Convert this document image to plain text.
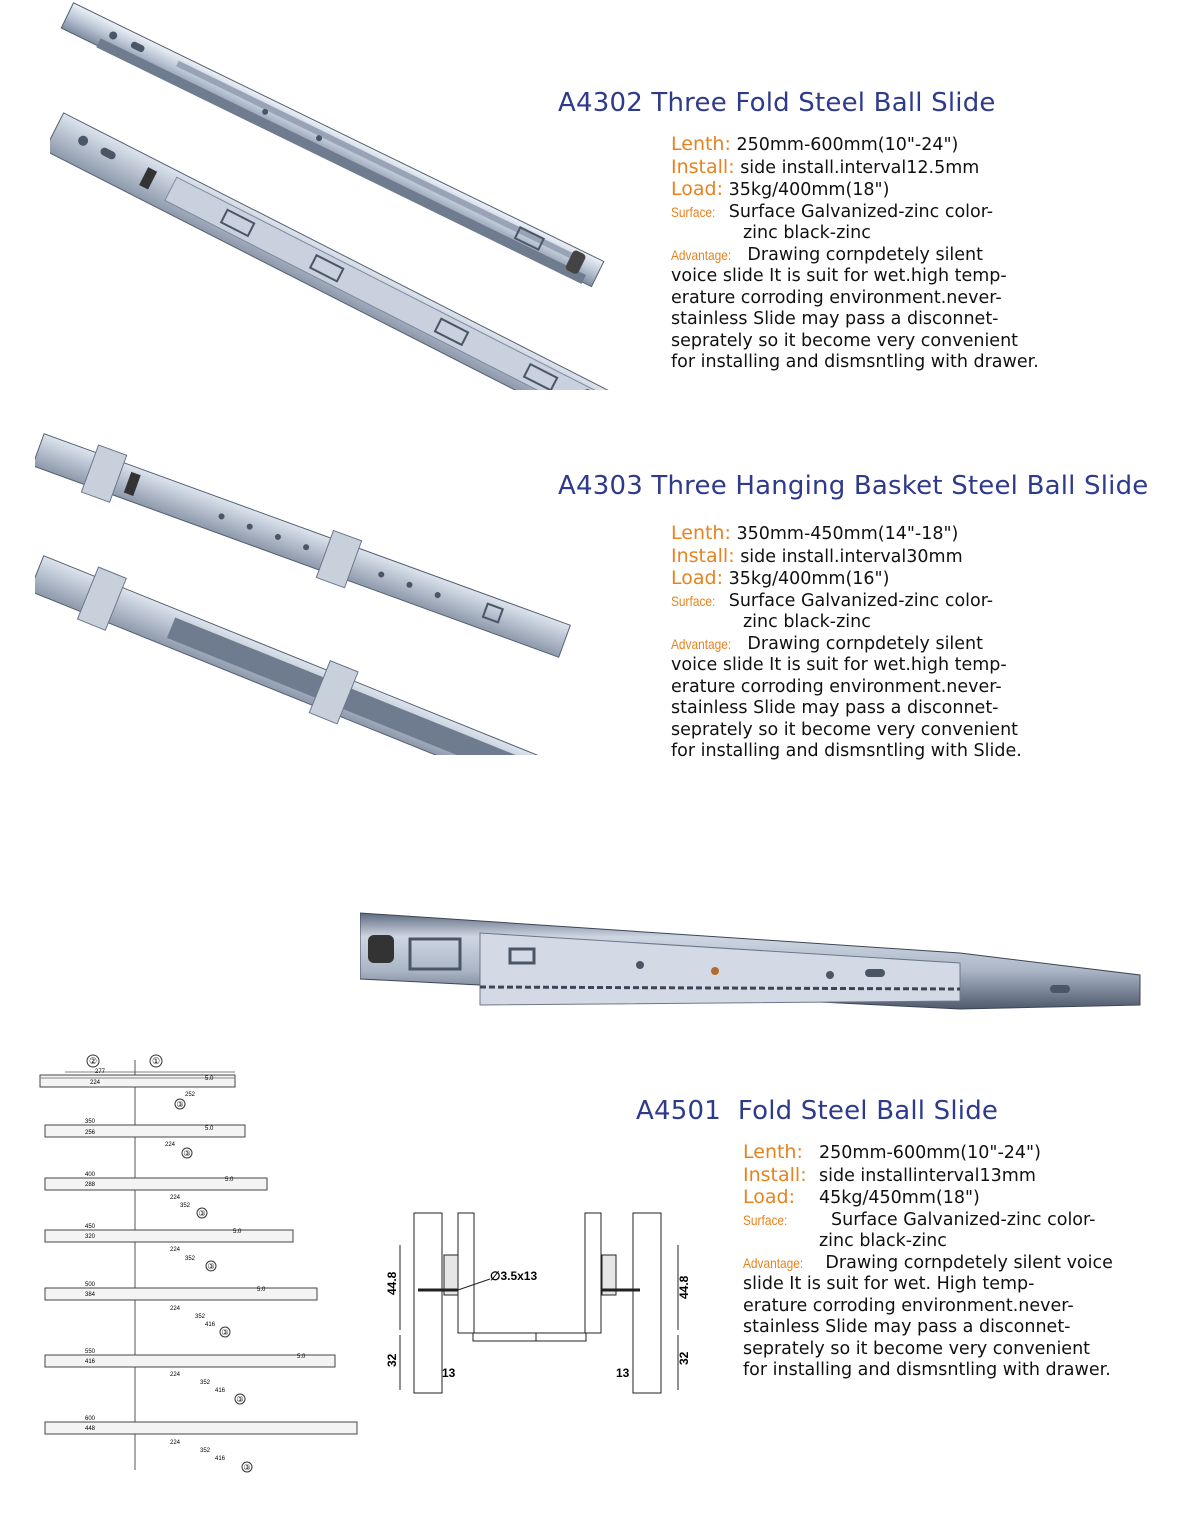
A4302 Three Fold Steel Ball Slide
Lenth: 250mm-600mm(10"-24")
Install: side install.interval12.5mm
Load: 35kg/400mm(18")
Surface: Surface Galvanized-zinc color-
zinc black-zinc
Advantage: Drawing cornpdetely silent
voice slide It is suit for wet.high temp-
erature corroding environment.never-
stainless Slide may pass a disconnet-
seprately so it become very convenient
for installing and dismsntling with drawer.
A4303 Three Hanging Basket Steel Ball Slide
Lenth: 350mm-450mm(14"-18")
Install: side install.interval30mm
Load: 35kg/400mm(16")
Surface: Surface Galvanized-zinc color-
zinc black-zinc
Advantage: Drawing cornpdetely silent
voice slide It is suit for wet.high temp-
erature corroding environment.never-
stainless Slide may pass a disconnet-
seprately so it become very convenient
for installing and dismsntling with Slide.
②	①
277
224
5.0
252
350
256
5.0
224
400
288
5.0
224
352
450
320
5.0
224
352
500
384
5.0
224
352
416
550
416
5.0
224
352
416
600
448
224
352
416
③
③
③
③
③
③
③
44.8
32
13
44.8
32
13
∅3.5x13
A4501  Fold Steel Ball Slide
Lenth: 250mm-600mm(10"-24")
Install: side installinterval13mm
Load: 45kg/450mm(18")
Surface: Surface Galvanized-zinc color-
zinc black-zinc
Advantage: Drawing cornpdetely silent voice
slide It is suit for wet. High temp-
erature corroding environment.never-
stainless Slide may pass a disconnet-
seprately so it become very convenient
for installing and dismsntling with drawer.
